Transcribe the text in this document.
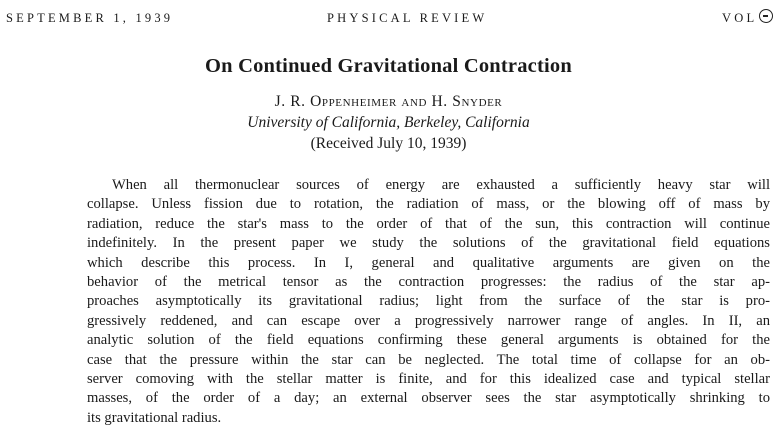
SEPTEMBER 1, 1939	PHYSICAL REVIEW	VOL
On Continued Gravitational Contraction

J. R. Oppenheimer and H. Snyder

University of California, Berkeley, California

(Received July 10, 1939)

When all thermonuclear sources of energy are exhausted a sufficiently heavy star will
collapse. Unless fission due to rotation, the radiation of mass, or the blowing off of mass by
radiation, reduce the star's mass to the order of that of the sun, this contraction will continue
indefinitely. In the present paper we study the solutions of the gravitational field equations
which describe this process. In I, general and qualitative arguments are given on the
behavior of the metrical tensor as the contraction progresses: the radius of the star ap-
proaches asymptotically its gravitational radius; light from the surface of the star is pro-
gressively reddened, and can escape over a progressively narrower range of angles. In II, an
analytic solution of the field equations confirming these general arguments is obtained for the
case that the pressure within the star can be neglected. The total time of collapse for an ob-
server comoving with the stellar matter is finite, and for this idealized case and typical stellar
masses, of the order of a day; an external observer sees the star asymptotically shrinking to
its gravitational radius.
